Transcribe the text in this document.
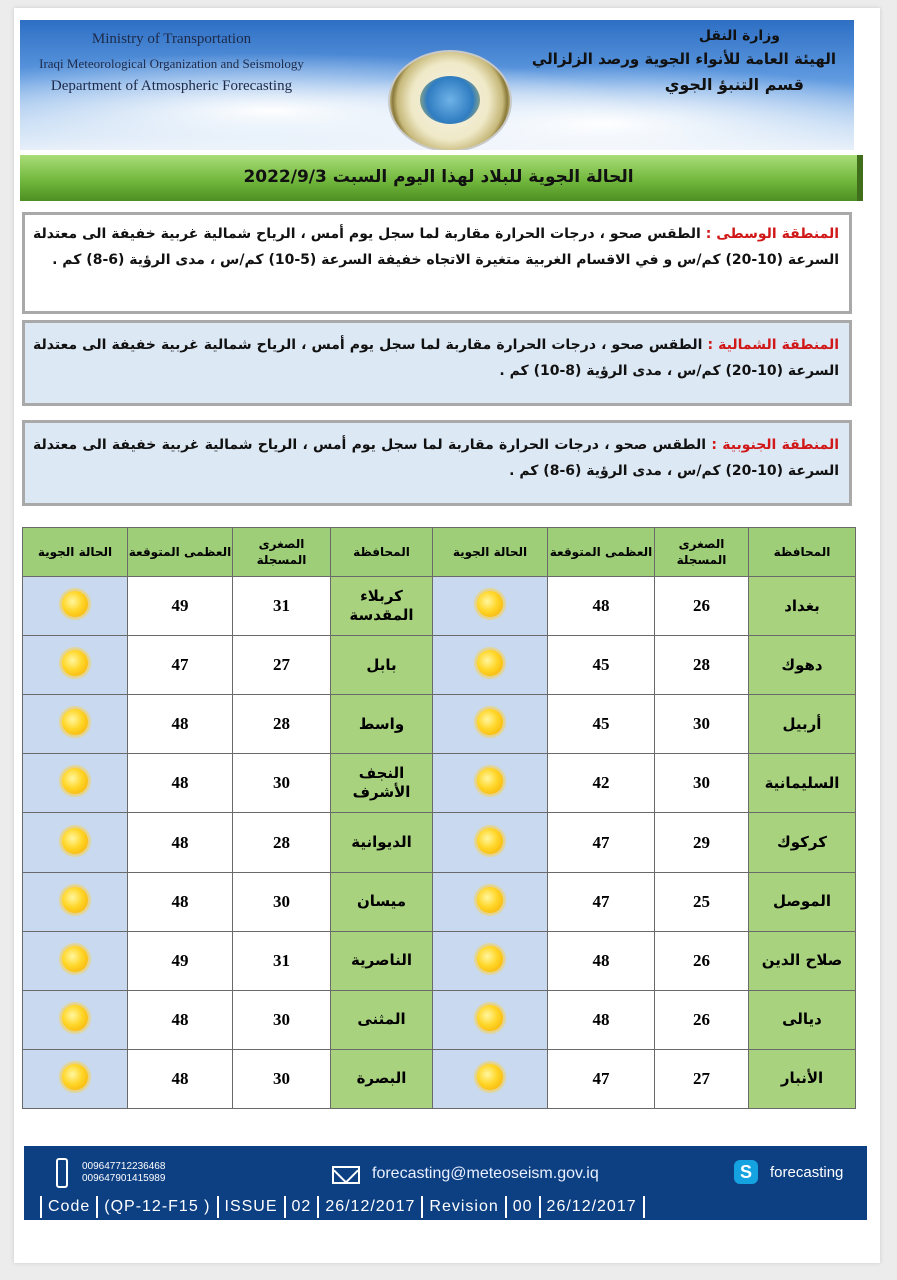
Ministry of Transportation
Iraqi Meteorological Organization and Seismology
Department of Atmospheric Forecasting
وزارة النقل
الهيئة العامة للأنواء الجوية ورصد الزلزالي
قسم التنبؤ الجوي
الحالة الجوية للبلاد لهذا اليوم السبت 2022/9/3
المنطقة الوسطى : الطقس صحو ، درجات الحرارة مقاربة لما سجل يوم أمس ، الرياح شمالية غربية خفيفة الى معتدلة السرعة (10-20) كم/س و في الاقسام الغربية متغيرة الاتجاه خفيفة السرعة (5-10) كم/س ، مدى الرؤية (6-8) كم .
المنطقة الشمالية : الطقس صحو ، درجات الحرارة مقاربة لما سجل يوم أمس ، الرياح شمالية غربية خفيفة الى معتدلة السرعة (10-20) كم/س ، مدى الرؤية (8-10) كم .
المنطقة الجنوبية : الطقس صحو ، درجات الحرارة مقاربة لما سجل يوم أمس ، الرياح شمالية غربية خفيفة الى معتدلة السرعة (10-20) كم/س ، مدى الرؤية (6-8) كم .
الحالة الجوية	العظمى المتوقعة	الصغرى المسجلة	المحافظة	الحالة الجوية	العظمى المتوقعة	الصغرى المسجلة	المحافظة
	49	31	كربلاء المقدسة		48	26	بغداد
	47	27	بابل		45	28	دهوك
	48	28	واسط		45	30	أربيل
	48	30	النجف الأشرف		42	30	السليمانية
	48	28	الديوانية		47	29	كركوك
	48	30	ميسان		47	25	الموصل
	49	31	الناصرية		48	26	صلاح الدين
	48	30	المثنى		48	26	ديالى
	48	30	البصرة		47	27	الأنبار
009647712236468
009647901415989	forecasting@meteoseism.gov.iq	S	forecasting
Code (QP-12-F15 ) ISSUE 02 26/12/2017 Revision 00 26/12/2017
